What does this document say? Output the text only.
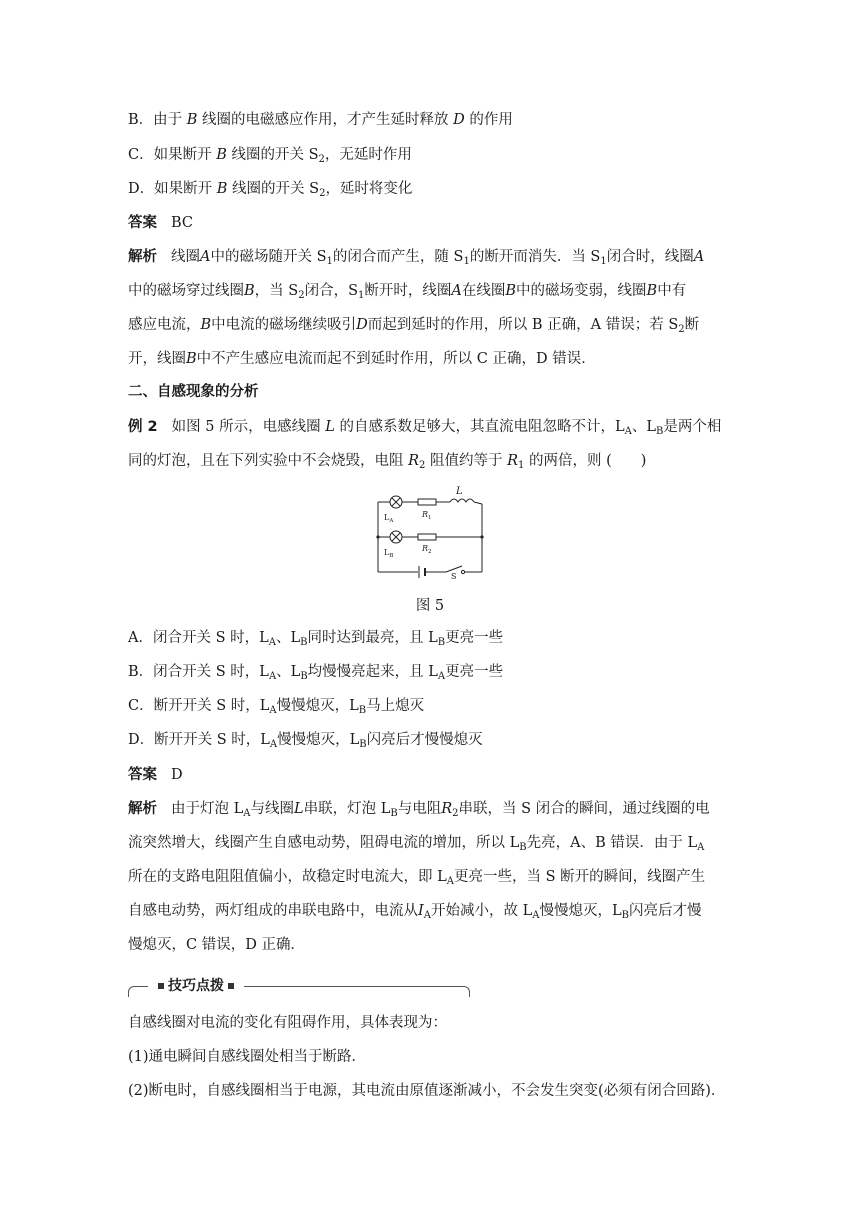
B．由于 B 线圈的电磁感应作用，才产生延时释放 D 的作用
C．如果断开 B 线圈的开关 $S_2$，无延时作用
D．如果断开 B 线圈的开关 $S_2$，延时将变化
答案 BC
解析 线圈A中的磁场随开关 $S_1$的闭合而产生，随 $S_1$的断开而消失．当 $S_1$闭合时，线圈A
中的磁场穿过线圈B，当 $S_2$闭合，$S_1$断开时，线圈A在线圈B中的磁场变弱，线圈B中有
感应电流，B中电流的磁场继续吸引D而起到延时的作用，所以 B 正确，A 错误；若 $S_2$断
开，线圈B中不产生感应电流而起不到延时作用，所以 C 正确，D 错误．
二、自感现象的分析
例 2 如图 5 所示，电感线圈 L 的自感系数足够大，其直流电阻忽略不计，$L_A$、$L_B$是两个相
同的灯泡，且在下列实验中不会烧毁，电阻 $R_2$ 阻值约等于 $R_1$ 的两倍，则 (　　)
L
$L_A$
$R_1$
$L_B$
$R_2$
S
图 5
A．闭合开关 S 时，$L_A$、$L_B$同时达到最亮，且 $L_B$更亮一些
B．闭合开关 S 时，$L_A$、$L_B$均慢慢亮起来，且 $L_A$更亮一些
C．断开开关 S 时，$L_A$慢慢熄灭，$L_B$马上熄灭
D．断开开关 S 时，$L_A$慢慢熄灭，$L_B$闪亮后才慢慢熄灭
答案 D
解析 由于灯泡 $L_A$与线圈L串联，灯泡 $L_B$与电阻$R_2$串联，当 S 闭合的瞬间，通过线圈的电
流突然增大，线圈产生自感电动势，阻碍电流的增加，所以 $L_B$先亮，A、B 错误．由于 $L_A$
所在的支路电阻阻值偏小，故稳定时电流大，即 $L_A$更亮一些，当 S 断开的瞬间，线圈产生
自感电动势，两灯组成的串联电路中，电流从$I_A$开始减小，故 $L_A$慢慢熄灭，$L_B$闪亮后才慢
慢熄灭，C 错误，D 正确．
技巧点拨
自感线圈对电流的变化有阻碍作用，具体表现为：
(1)通电瞬间自感线圈处相当于断路．
(2)断电时，自感线圈相当于电源，其电流由原值逐渐减小，不会发生突变(必须有闭合回路)．
